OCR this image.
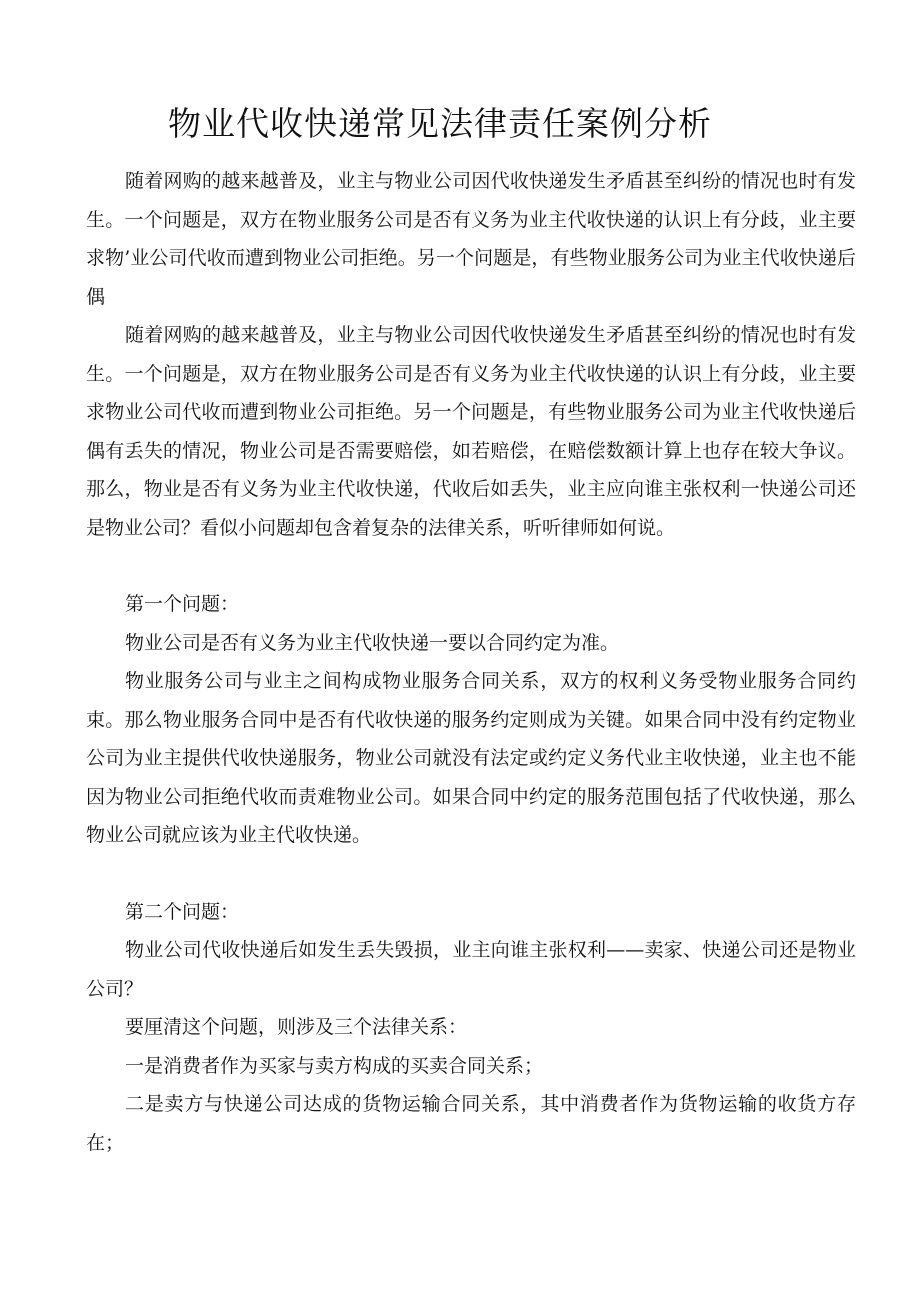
物业代收快递常见法律责任案例分析

随着网购的越来越普及，业主与物业公司因代收快递发生矛盾甚至纠纷的情况也时有发生。一个问题是，双方在物业服务公司是否有义务为业主代收快递的认识上有分歧，业主要求物’业公司代收而遭到物业公司拒绝。另一个问题是，有些物业服务公司为业主代收快递后偶

随着网购的越来越普及，业主与物业公司因代收快递发生矛盾甚至纠纷的情况也时有发生。一个问题是，双方在物业服务公司是否有义务为业主代收快递的认识上有分歧，业主要求物业公司代收而遭到物业公司拒绝。另一个问题是，有些物业服务公司为业主代收快递后偶有丢失的情况，物业公司是否需要赔偿，如若赔偿，在赔偿数额计算上也存在较大争议。那么，物业是否有义务为业主代收快递，代收后如丢失，业主应向谁主张权利一快递公司还是物业公司？看似小问题却包含着复杂的法律关系，听听律师如何说。

第一个问题：

物业公司是否有义务为业主代收快递一要以合同约定为准。

物业服务公司与业主之间构成物业服务合同关系，双方的权利义务受物业服务合同约束。那么物业服务合同中是否有代收快递的服务约定则成为关键。如果合同中没有约定物业公司为业主提供代收快递服务，物业公司就没有法定或约定义务代业主收快递，业主也不能因为物业公司拒绝代收而责难物业公司。如果合同中约定的服务范围包括了代收快递，那么物业公司就应该为业主代收快递。

第二个问题：

物业公司代收快递后如发生丢失毁损，业主向谁主张权利——卖家、快递公司还是物业公司？

要厘清这个问题，则涉及三个法律关系：

一是消费者作为买家与卖方构成的买卖合同关系；

二是卖方与快递公司达成的货物运输合同关系，其中消费者作为货物运输的收货方存在；
